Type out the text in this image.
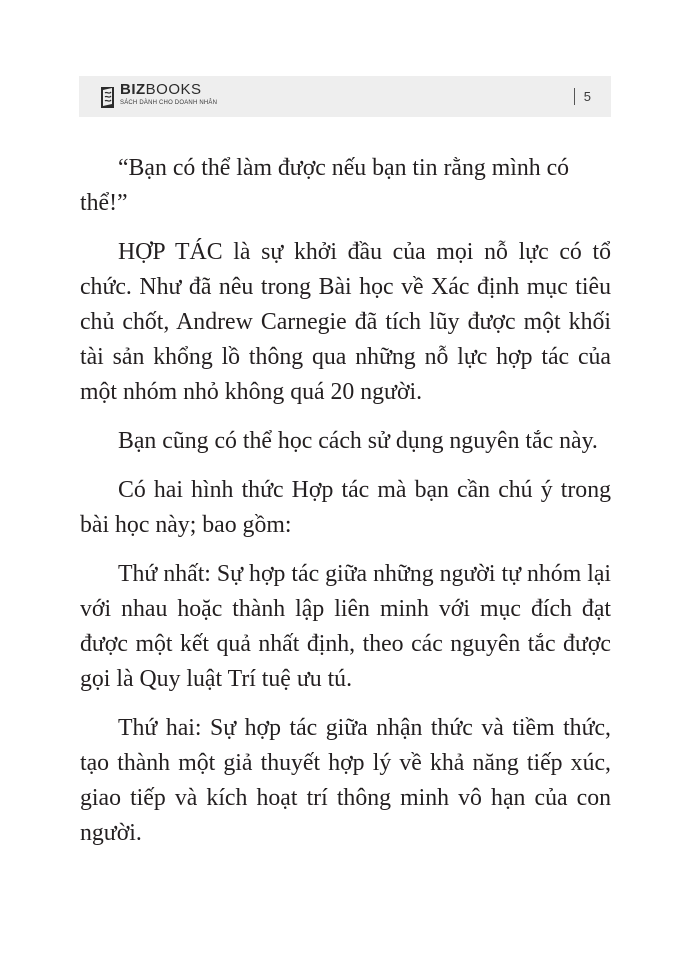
BIZBOOKS
SÁCH DÀNH CHO DOANH NHÂN	5

“Bạn có thể làm được nếu bạn tin rằng mình có thể!”

HỢP TÁC là sự khởi đầu của mọi nỗ lực có tổ chức. Như đã nêu trong Bài học về Xác định mục tiêu chủ chốt, Andrew Carnegie đã tích lũy được một khối tài sản khổng lồ thông qua những nỗ lực hợp tác của một nhóm nhỏ không quá 20 người.

Bạn cũng có thể học cách sử dụng nguyên tắc này.

Có hai hình thức Hợp tác mà bạn cần chú ý trong bài học này; bao gồm:

Thứ nhất: Sự hợp tác giữa những người tự nhóm lại với nhau hoặc thành lập liên minh với mục đích đạt được một kết quả nhất định, theo các nguyên tắc được gọi là Quy luật Trí tuệ ưu tú.

Thứ hai: Sự hợp tác giữa nhận thức và tiềm thức, tạo thành một giả thuyết hợp lý về khả năng tiếp xúc, giao tiếp và kích hoạt trí thông minh vô hạn của con người.
